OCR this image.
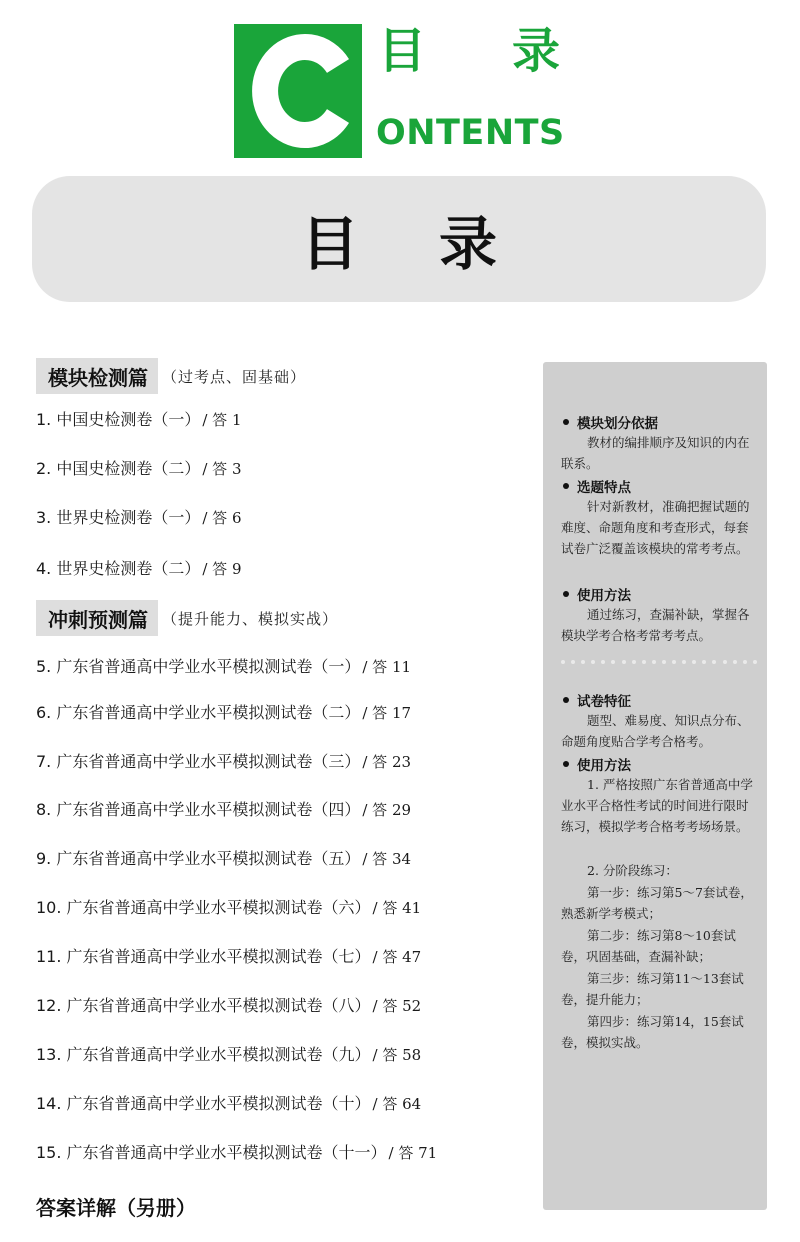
目 录
ONTENTS
目 录
模块检测篇 （过考点、固基础）
1. 中国史检测卷（一） / 答 1
2. 中国史检测卷（二） / 答 3
3. 世界史检测卷（一） / 答 6
4. 世界史检测卷（二） / 答 9
冲刺预测篇 （提升能力、模拟实战）
5. 广东省普通高中学业水平模拟测试卷（一） / 答 11
6. 广东省普通高中学业水平模拟测试卷（二） / 答 17
7. 广东省普通高中学业水平模拟测试卷（三） / 答 23
8. 广东省普通高中学业水平模拟测试卷（四） / 答 29
9. 广东省普通高中学业水平模拟测试卷（五） / 答 34
10. 广东省普通高中学业水平模拟测试卷（六） / 答 41
11. 广东省普通高中学业水平模拟测试卷（七） / 答 47
12. 广东省普通高中学业水平模拟测试卷（八） / 答 52
13. 广东省普通高中学业水平模拟测试卷（九） / 答 58
14. 广东省普通高中学业水平模拟测试卷（十） / 答 64
15. 广东省普通高中学业水平模拟测试卷（十一） / 答 71
答案详解（另册）
模块划分依据
教材的编排顺序及知识的内在联系。
选题特点
针对新教材，准确把握试题的难度、命题角度和考查形式，每套试卷广泛覆盖该模块的常考考点。
使用方法
通过练习，查漏补缺，掌握各模块学考合格考常考考点。
试卷特征
题型、难易度、知识点分布、命题角度贴合学考合格考。
使用方法
1. 严格按照广东省普通高中学业水平合格性考试的时间进行限时练习，模拟学考合格考考场场景。
2. 分阶段练习：
第一步：练习第5～7套试卷，熟悉新学考模式；
第二步：练习第8～10套试卷，巩固基础，查漏补缺；
第三步：练习第11～13套试卷，提升能力；
第四步：练习第14，15套试卷，模拟实战。
